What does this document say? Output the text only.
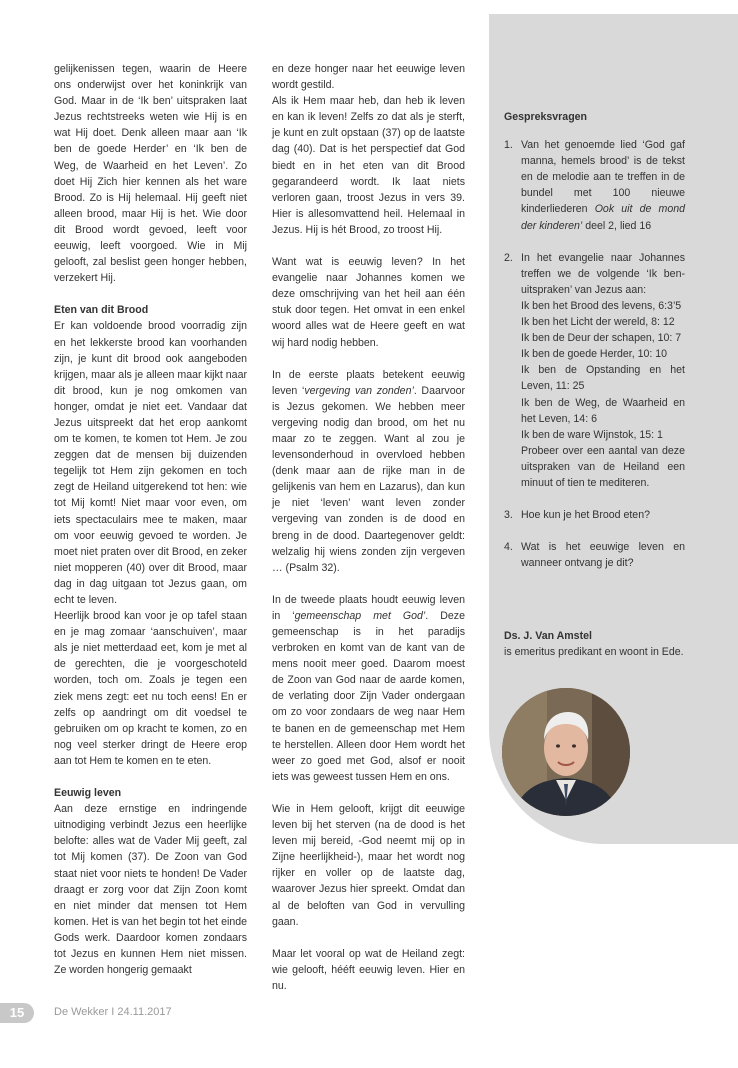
gelijkenissen tegen, waarin de Heere ons onderwijst over het koninkrijk van God. Maar in de ‘Ik ben’ uitspraken laat Jezus rechtstreeks weten wie Hij is en wat Hij doet. Denk alleen maar aan ‘Ik ben de goede Herder’ en ‘Ik ben de Weg, de Waarheid en het Leven’. Zo doet Hij Zich hier kennen als het ware Brood. Zo is Hij helemaal. Hij geeft niet alleen brood, maar Hij is het. Wie door dit Brood wordt gevoed, leeft voor eeuwig, leeft voorgoed. Wie in Mij gelooft, zal beslist geen honger hebben, verzekert Hij.

Eten van dit Brood

Er kan voldoende brood voorradig zijn en het lekkerste brood kan voorhanden zijn, je kunt dit brood ook aangeboden krijgen, maar als je alleen maar kijkt naar dit brood, kun je nog omkomen van honger, omdat je niet eet. Vandaar dat Jezus uitspreekt dat het erop aankomt om te komen, te komen tot Hem. Je zou zeggen dat de mensen bij duizenden tegelijk tot Hem zijn gekomen en toch zegt de Heiland uitgerekend tot hen: wie tot Mij komt! Niet maar voor even, om iets spectaculairs mee te maken, maar om voor eeuwig gevoed te worden. Je moet niet praten over dit Brood, en zeker niet mopperen (40) over dit Brood, maar dag in dag uitgaan tot Jezus gaan, om echt te leven.

Heerlijk brood kan voor je op tafel staan en je mag zomaar ‘aanschuiven’, maar als je niet metterdaad eet, kom je met al de gerechten, die je voorgeschoteld worden, toch om. Zoals je tegen een ziek mens zegt: eet nu toch eens! En er zelfs op aandringt om dit voedsel te gebruiken om op kracht te komen, zo en nog veel sterker dringt de Heere erop aan tot Hem te komen en te eten.

Eeuwig leven

Aan deze ernstige en indringende uitnodiging verbindt Jezus een heerlijke belofte: alles wat de Vader Mij geeft, zal tot Mij komen (37). De Zoon van God staat niet voor niets te honden! De Vader draagt er zorg voor dat Zijn Zoon komt en niet minder dat mensen tot Hem komen. Het is van het begin tot het einde Gods werk. Daardoor komen zondaars tot Jezus en kunnen Hem niet missen. Ze worden hongerig gemaakt

en deze honger naar het eeuwige leven wordt gestild.

Als ik Hem maar heb, dan heb ik leven en kan ik leven! Zelfs zo dat als je sterft, je kunt en zult opstaan (37) op de laatste dag (40). Dat is het perspectief dat God biedt en in het eten van dit Brood gegarandeerd wordt. Ik laat niets verloren gaan, troost Jezus in vers 39. Hier is allesomvattend heil. Helemaal in Jezus. Hij is hét Brood, zo troost Hij.

Want wat is eeuwig leven? In het evangelie naar Johannes komen we deze omschrijving van het heil aan één stuk door tegen. Het omvat in een enkel woord alles wat de Heere geeft en wat wij hard nodig hebben.

In de eerste plaats betekent eeuwig leven ‘vergeving van zonden’. Daarvoor is Jezus gekomen. We hebben meer vergeving nodig dan brood, om het nu maar zo te zeggen. Want al zou je levensonderhoud in overvloed hebben (denk maar aan de rijke man in de gelijkenis van hem en Lazarus), dan kun je niet ‘leven’ want leven zonder vergeving van zonden is de dood en breng in de dood. Daartegenover geldt: welzalig hij wiens zonden zijn vergeven … (Psalm 32).

In de tweede plaats houdt eeuwig leven in ‘gemeenschap met God’. Deze gemeenschap is in het paradijs verbroken en komt van de kant van de mens nooit meer goed. Daarom moest de Zoon van God naar de aarde komen, de verlating door Zijn Vader ondergaan om zo voor zondaars de weg naar Hem te banen en de gemeenschap met Hem te herstellen. Alleen door Hem wordt het weer zo goed met God, alsof er nooit iets was geweest tussen Hem en ons.

Wie in Hem gelooft, krijgt dit eeuwige leven bij het sterven (na de dood is het leven mij bereid, -God neemt mij op in Zijne heerlijkheid-), maar het wordt nog rijker en voller op de laatste dag, waarover Jezus hier spreekt. Omdat dan al de beloften van God in vervulling gaan.

Maar let vooral op wat de Heiland zegt: wie gelooft, hééft eeuwig leven. Hier en nu.

Gespreksvragen
1. Van het genoemde lied ‘God gaf manna, hemels brood’ is de tekst en de melodie aan te treffen in de bundel met 100 nieuwe kinderliederen Ook uit de mond der kinderen’ deel 2, lied 16
2. In het evangelie naar Johannes treffen we de volgende ‘Ik ben-uitspraken’ van Jezus aan:
Ik ben het Brood des levens, 6:3’5
Ik ben het Licht der wereld, 8: 12
Ik ben de Deur der schapen, 10: 7
Ik ben de goede Herder, 10: 10
Ik ben de Opstanding en het Leven, 11: 25
Ik ben de Weg, de Waarheid en het Leven, 14: 6
Ik ben de ware Wijnstok, 15: 1
Probeer over een aantal van deze uitspraken van de Heiland een minuut of tien te mediteren.
3. Hoe kun je het Brood eten?
4. Wat is het eeuwige leven en wanneer ontvang je dit?
Ds. J. Van Amstel
is emeritus predikant en woont in Ede.
15	De Wekker I 24.11.2017
